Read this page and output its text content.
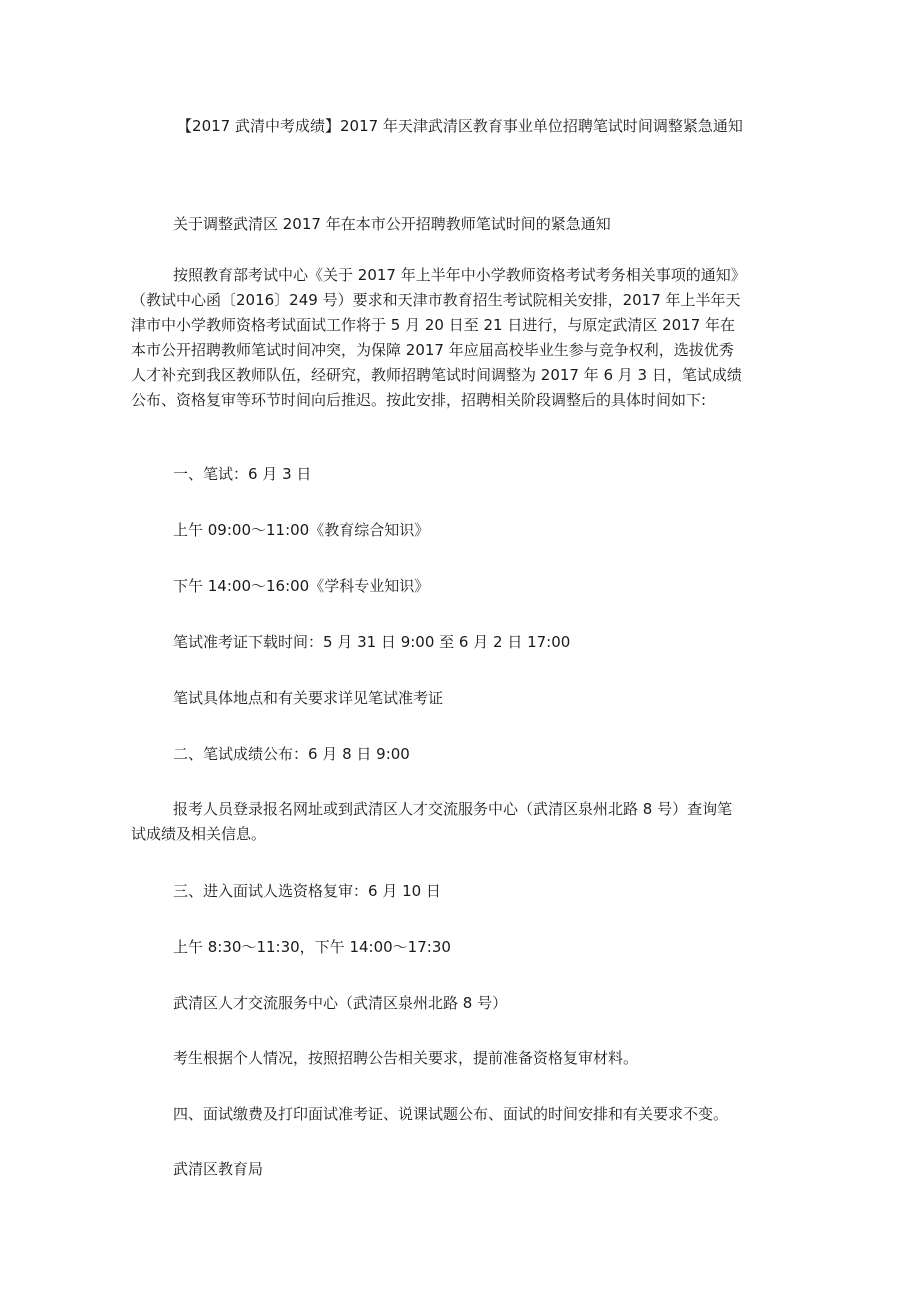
【2017 武清中考成绩】2017 年天津武清区教育事业单位招聘笔试时间调整紧急通知

关于调整武清区 2017 年在本市公开招聘教师笔试时间的紧急通知

按照教育部考试中心《关于 2017 年上半年中小学教师资格考试考务相关事项的通知》
（教试中心函〔2016〕249 号）要求和天津市教育招生考试院相关安排，2017 年上半年天
津市中小学教师资格考试面试工作将于 5 月 20 日至 21 日进行，与原定武清区 2017 年在
本市公开招聘教师笔试时间冲突，为保障 2017 年应届高校毕业生参与竞争权利，选拔优秀
人才补充到我区教师队伍，经研究，教师招聘笔试时间调整为 2017 年 6 月 3 日，笔试成绩
公布、资格复审等环节时间向后推迟。按此安排，招聘相关阶段调整后的具体时间如下:

一、笔试：6 月 3 日

上午 09:00～11:00《教育综合知识》

下午 14:00～16:00《学科专业知识》

笔试准考证下载时间：5 月 31 日 9:00 至 6 月 2 日 17:00

笔试具体地点和有关要求详见笔试准考证

二、笔试成绩公布：6 月 8 日 9:00

报考人员登录报名网址或到武清区人才交流服务中心（武清区泉州北路 8 号）查询笔
试成绩及相关信息。

三、进入面试人选资格复审：6 月 10 日

上午 8:30～11:30，下午 14:00～17:30

武清区人才交流服务中心（武清区泉州北路 8 号）

考生根据个人情况，按照招聘公告相关要求，提前准备资格复审材料。

四、面试缴费及打印面试准考证、说课试题公布、面试的时间安排和有关要求不变。

武清区教育局
